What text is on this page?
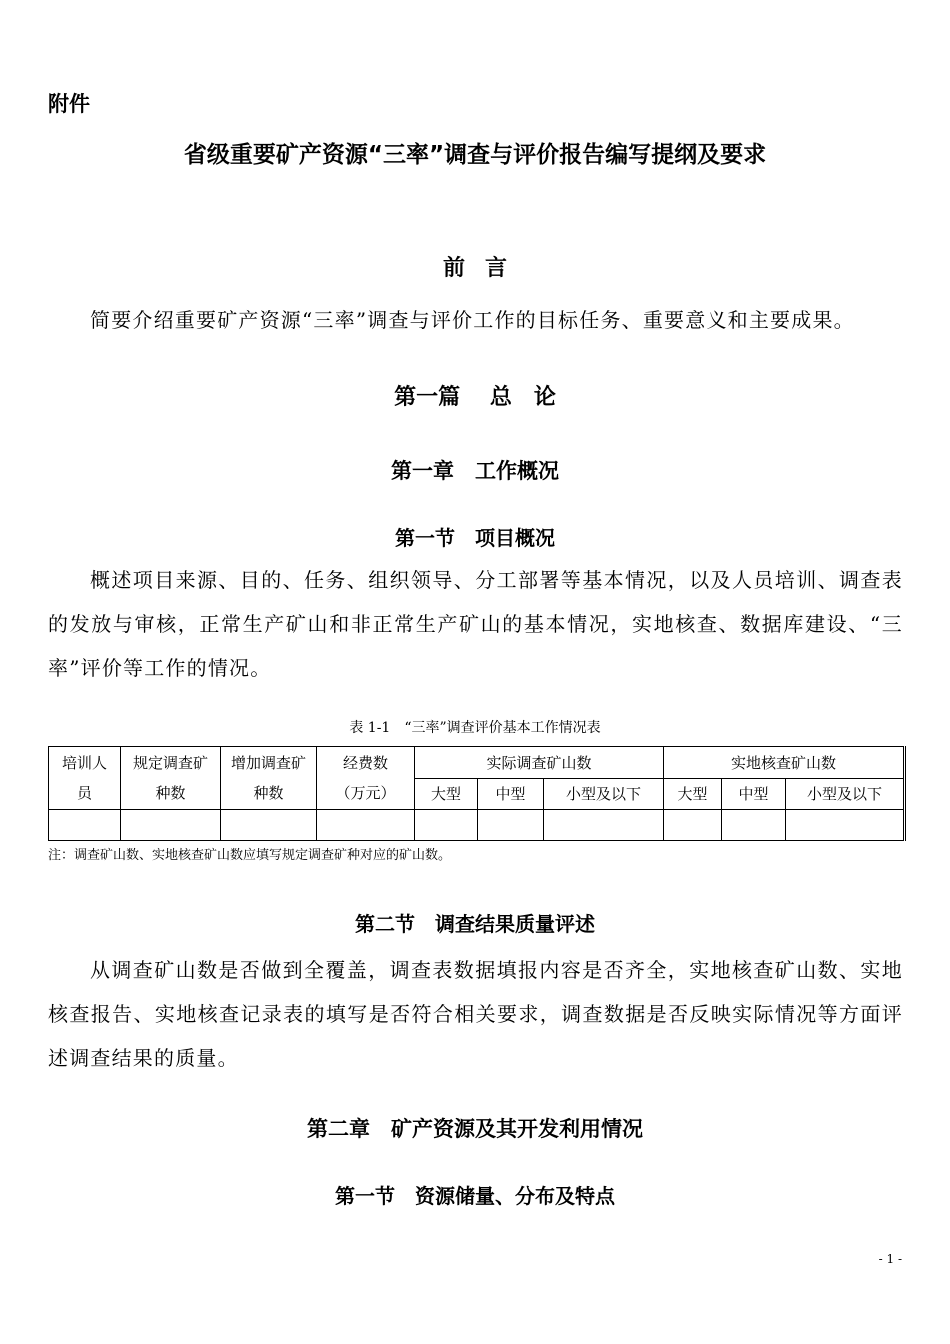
附件
省级重要矿产资源“三率”调查与评价报告编写提纲及要求
前言

简要介绍重要矿产资源“三率”调查与评价工作的目标任务、重要意义和主要成果。

第一篇　 总　论
第一章　工作概况
第一节　项目概况

概述项目来源、目的、任务、组织领导、分工部署等基本情况，以及人员培训、调查表的发放与审核，正常生产矿山和非正常生产矿山的基本情况，实地核查、数据库建设、“三率”评价等工作的情况。

表 1-1　“三率”调查评价基本工作情况表
培训人员	规定调查矿种数	增加调查矿种数	经费数（万元）	实际调查矿山数			实地核查矿山数		
				大型	中型	小型及以下	大型	中型	小型及以下

注：调查矿山数、实地核查矿山数应填写规定调查矿种对应的矿山数。
第二节　调查结果质量评述

从调查矿山数是否做到全覆盖，调查表数据填报内容是否齐全，实地核查矿山数、实地核查报告、实地核查记录表的填写是否符合相关要求，调查数据是否反映实际情况等方面评述调查结果的质量。

第二章　矿产资源及其开发利用情况
第一节　资源储量、分布及特点
- 1 -
